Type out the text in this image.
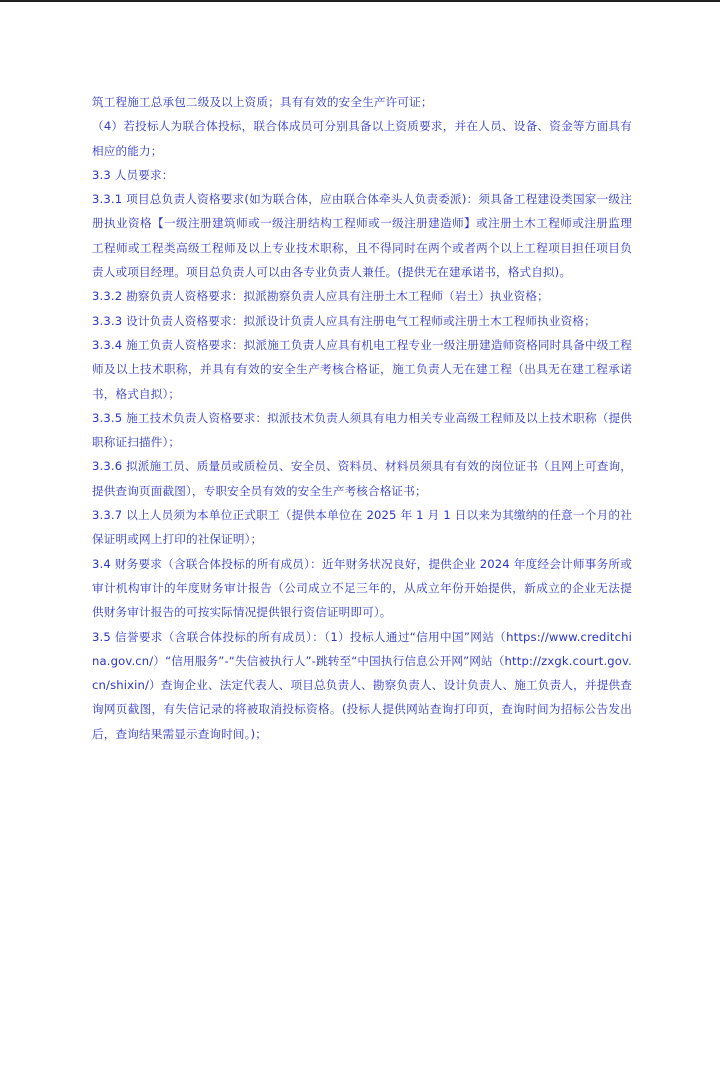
筑工程施工总承包二级及以上资质；具有有效的安全生产许可证；

（4）若投标人为联合体投标，联合体成员可分别具备以上资质要求，并在人员、设备、资金等方面具有相应的能力；

3.3 人员要求：

3.3.1 项目总负责人资格要求(如为联合体，应由联合体牵头人负责委派)：须具备工程建设类国家一级注册执业资格【一级注册建筑师或一级注册结构工程师或一级注册建造师】或注册土木工程师或注册监理工程师或工程类高级工程师及以上专业技术职称，且不得同时在两个或者两个以上工程项目担任项目负责人或项目经理。项目总负责人可以由各专业负责人兼任。(提供无在建承诺书，格式自拟)。

3.3.2 勘察负责人资格要求：拟派勘察负责人应具有注册土木工程师（岩土）执业资格；

3.3.3 设计负责人资格要求：拟派设计负责人应具有注册电气工程师或注册土木工程师执业资格；

3.3.4 施工负责人资格要求：拟派施工负责人应具有机电工程专业一级注册建造师资格同时具备中级工程师及以上技术职称，并具有有效的安全生产考核合格证，施工负责人无在建工程（出具无在建工程承诺书，格式自拟）；

3.3.5 施工技术负责人资格要求：拟派技术负责人须具有电力相关专业高级工程师及以上技术职称（提供职称证扫描件）；

3.3.6 拟派施工员、质量员或质检员、安全员、资料员、材料员须具有有效的岗位证书（且网上可查询，提供查询页面截图），专职安全员有效的安全生产考核合格证书；

3.3.7 以上人员须为本单位正式职工（提供本单位在 2025 年 1 月 1 日以来为其缴纳的任意一个月的社保证明或网上打印的社保证明）；

3.4 财务要求（含联合体投标的所有成员）：近年财务状况良好，提供企业 2024 年度经会计师事务所或审计机构审计的年度财务审计报告（公司成立不足三年的，从成立年份开始提供，新成立的企业无法提供财务审计报告的可按实际情况提供银行资信证明即可）。

3.5 信誉要求（含联合体投标的所有成员）：（1）投标人通过“信用中国”网站（https://www.creditchina.gov.cn/）“信用服务”-“失信被执行人”-跳转至“中国执行信息公开网”网站（http://zxgk.court.gov.cn/shixin/）查询企业、法定代表人、项目总负责人、勘察负责人、设计负责人、施工负责人，并提供查询网页截图，有失信记录的将被取消投标资格。(投标人提供网站查询打印页，查询时间为招标公告发出后，查询结果需显示查询时间。)；
